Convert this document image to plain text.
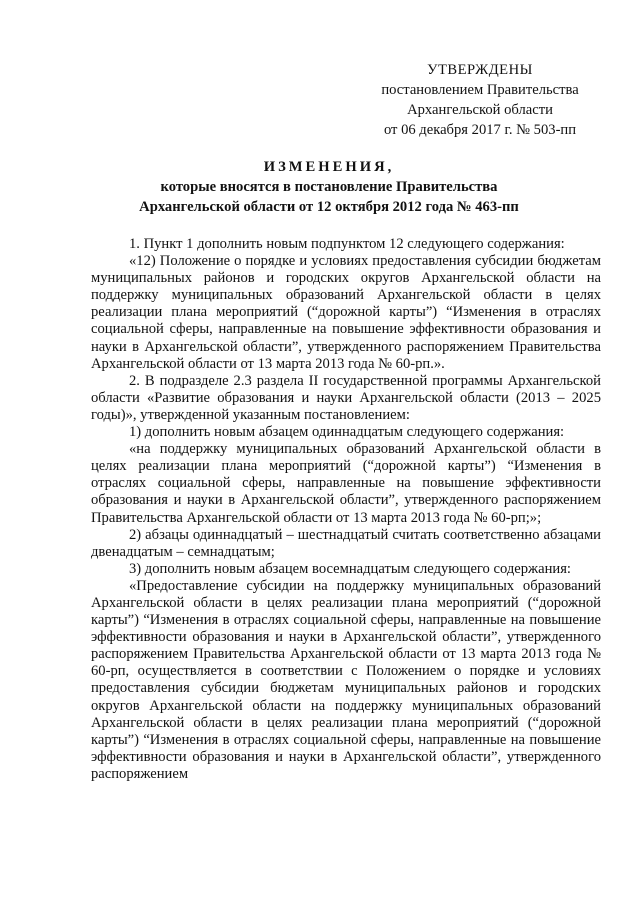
УТВЕРЖДЕНЫ
постановлением Правительства
Архангельской области
от 06 декабря 2017 г. № 503-пп
ИЗМЕНЕНИЯ,
которые вносятся в постановление Правительства
Архангельской области от 12 октября 2012 года № 463-пп

1. Пункт 1 дополнить новым подпунктом 12 следующего содержания:

«12) Положение о порядке и условиях предоставления субсидии бюджетам муниципальных районов и городских округов Архангельской области на поддержку муниципальных образований Архангельской области в целях реализации плана мероприятий (“дорожной карты”) “Изменения в отраслях социальной сферы, направленные на повышение эффективности образования и науки в Архангельской области”, утвержденного распоряжением Правительства Архангельской области от 13 марта 2013 года № 60-рп.».

2. В подразделе 2.3 раздела II государственной программы Архангельской области «Развитие образования и науки Архангельской области (2013 – 2025 годы)», утвержденной указанным постановлением:

1) дополнить новым абзацем одиннадцатым следующего содержания:

«на поддержку муниципальных образований Архангельской области в целях реализации плана мероприятий (“дорожной карты”) “Изменения в отраслях социальной сферы, направленные на повышение эффективности образования и науки в Архангельской области”, утвержденного распоряжением Правительства Архангельской области от 13 марта 2013 года № 60-рп;»;

2) абзацы одиннадцатый – шестнадцатый считать соответственно абзацами двенадцатым – семнадцатым;

3) дополнить новым абзацем восемнадцатым следующего содержания:

«Предоставление субсидии на поддержку муниципальных образований Архангельской области в целях реализации плана мероприятий (“дорожной карты”) “Изменения в отраслях социальной сферы, направленные на повышение эффективности образования и науки в Архангельской области”, утвержденного распоряжением Правительства Архангельской области от 13 марта 2013 года № 60-рп, осуществляется в соответствии с Положением о порядке и условиях предоставления субсидии бюджетам муниципальных районов и городских округов Архангельской области на поддержку муниципальных образований Архангельской области в целях реализации плана мероприятий (“дорожной карты”) “Изменения в отраслях социальной сферы, направленные на повышение эффективности образования и науки в Архангельской области”, утвержденного распоряжением
